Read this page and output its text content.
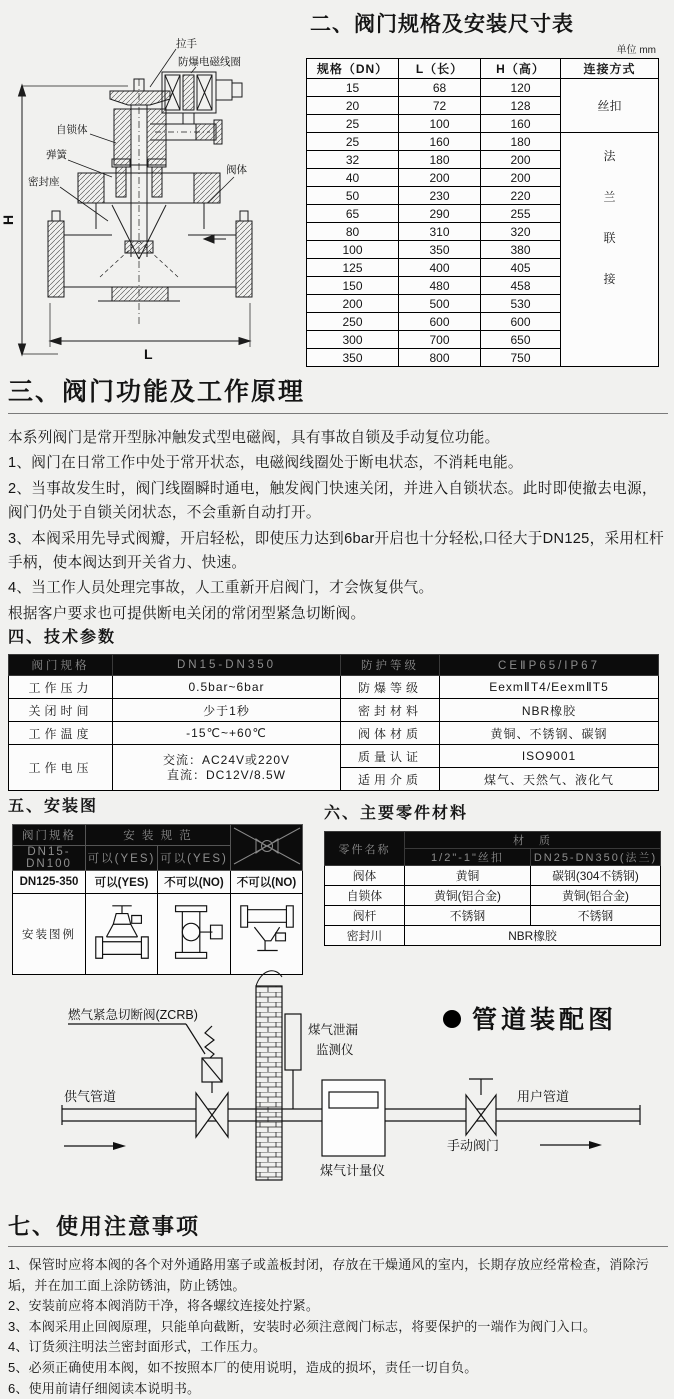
H
拉手
防爆电磁线圈
自锁体
弹簧
密封座
阀体
L
二、阀门规格及安装尺寸表
单位 mm
规格（DN）	L（长）	H（高）	连接方式
15	68	120	丝扣
20	72	128	
25	100	160	
25	160	180	法
兰
联
接

32	180	200	
40	200	200	
50	230	220	
65	290	255	
80	310	320	
100	350	380	
125	400	405	
150	480	458	
200	500	530	
250	600	600	
300	700	650	
350	800	750	
三、阀门功能及工作原理

本系列阀门是常开型脉冲触发式型电磁阀，具有事故自锁及手动复位功能。

1、阀门在日常工作中处于常开状态，电磁阀线圈处于断电状态，不消耗电能。

2、当事故发生时，阀门线圈瞬时通电，触发阀门快速关闭，并进入自锁状态。此时即使撤去电源，阀门仍处于自锁关闭状态，不会重新自动打开。

3、本阀采用先导式阀瓣，开启轻松，即使压力达到6bar开启也十分轻松,口径大于DN125，采用杠杆手柄，使本阀达到开关省力、快速。

4、当工作人员处理完事故，人工重新开启阀门，才会恢复供气。

根据客户要求也可提供断电关闭的常闭型紧急切断阀。

四、技术参数
阀门规格	DN15-DN350	防护等级	CEⅡP65/IP67
工作压力	0.5bar~6bar	防爆等级	EexmⅡT4/EexmⅡT5
关闭时间	少于1秒	密封材料	NBR橡胶
工作温度	-15℃~+60℃	阀体材质	黄铜、不锈钢、碳钢
工作电压	交流：AC24V或220V
直流：DC12V/8.5W	质量认证	ISO9001
		适用介质	煤气、天然气、液化气
五、安装图
阀门规格	安 装 规 范	
DN15-DN100	可以(YES)	可以(YES)	
DN125-350	可以(YES)	不可以(NO)	不可以(NO)
安装图例			
六、主要零件材料
零件名称	材　质	
	1/2"-1"丝扣	DN25-DN350(法兰)
阀体	黄铜	碳钢(304不锈钢)
自锁体	黄铜(铝合金)	黄铜(铝合金)
阀杆	不锈钢	不锈钢
密封川	NBR橡胶	
煤气泄漏
监测仪
管道装配图
燃气紧急切断阀(ZCRB)
供气管道
煤气计量仪
手动阀门
用户管道
七、使用注意事项

1、保管时应将本阀的各个对外通路用塞子或盖板封闭，存放在干燥通风的室内，长期存放应经常检查，消除污垢，并在加工面上涂防锈油，防止锈蚀。

2、安装前应将本阀消防干净，将各螺纹连接处拧紧。

3、本阀采用止回阀原理，只能单向截断，安装时必须注意阀门标志，将要保护的一端作为阀门入口。

4、订货须注明法兰密封面形式，工作压力。

5、必须正确使用本阀，如不按照本厂的使用说明，造成的损坏，责任一切自负。

6、使用前请仔细阅读本说明书。
